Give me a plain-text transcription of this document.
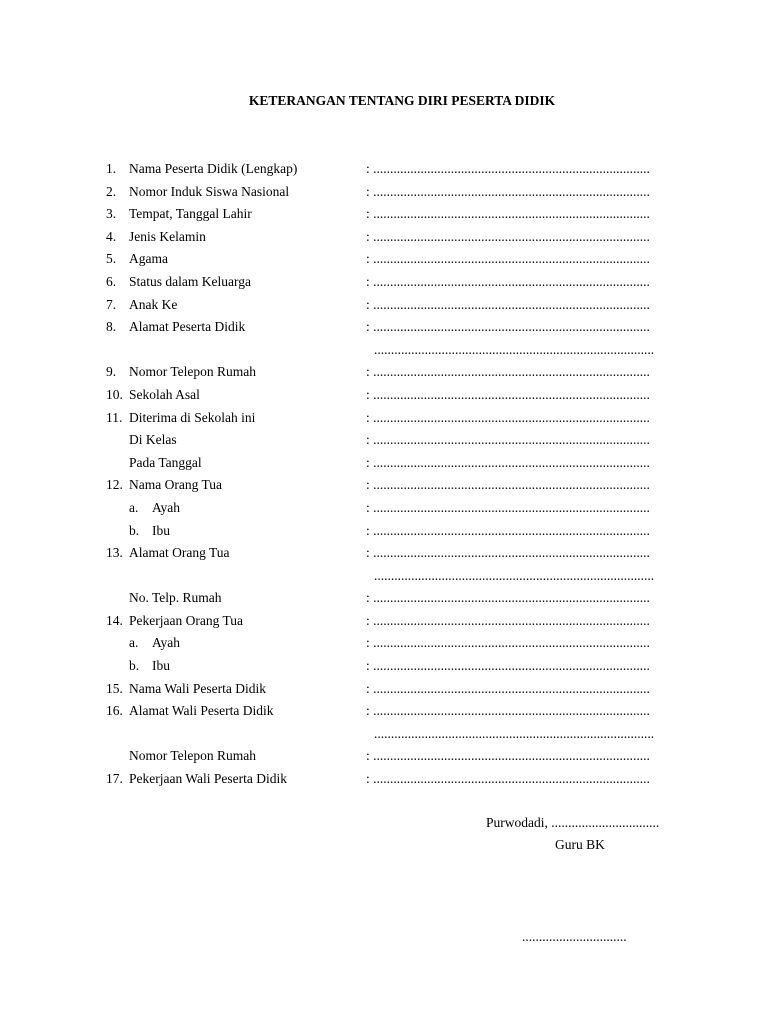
KETERANGAN TENTANG DIRI PESERTA DIDIK
1. Nama Peserta Didik (Lengkap)	: ..................................................................................
2. Nomor Induk Siswa Nasional	: ..................................................................................
3. Tempat, Tanggal Lahir	: ..................................................................................
4. Jenis Kelamin	: ..................................................................................
5. Agama	: ..................................................................................
6. Status dalam Keluarga	: ..................................................................................
7. Anak Ke	: ..................................................................................
8. Alamat Peserta Didik	: ..................................................................................
...................................................................................
9. Nomor Telepon Rumah	: ..................................................................................
10. Sekolah Asal	: ..................................................................................
11. Diterima di Sekolah ini	: ..................................................................................
Di Kelas	: ..................................................................................
Pada Tanggal	: ..................................................................................
12. Nama Orang Tua	: ..................................................................................
a. Ayah	: ..................................................................................
b. Ibu	: ..................................................................................
13. Alamat Orang Tua	: ..................................................................................
...................................................................................
No. Telp. Rumah	: ..................................................................................
14. Pekerjaan Orang Tua	: ..................................................................................
a. Ayah	: ..................................................................................
b. Ibu	: ..................................................................................
15. Nama Wali Peserta Didik	: ..................................................................................
16. Alamat Wali Peserta Didik	: ..................................................................................
...................................................................................
Nomor Telepon Rumah	: ..................................................................................
17. Pekerjaan Wali Peserta Didik	: ..................................................................................
Purwodadi, ................................
Guru BK
...............................
